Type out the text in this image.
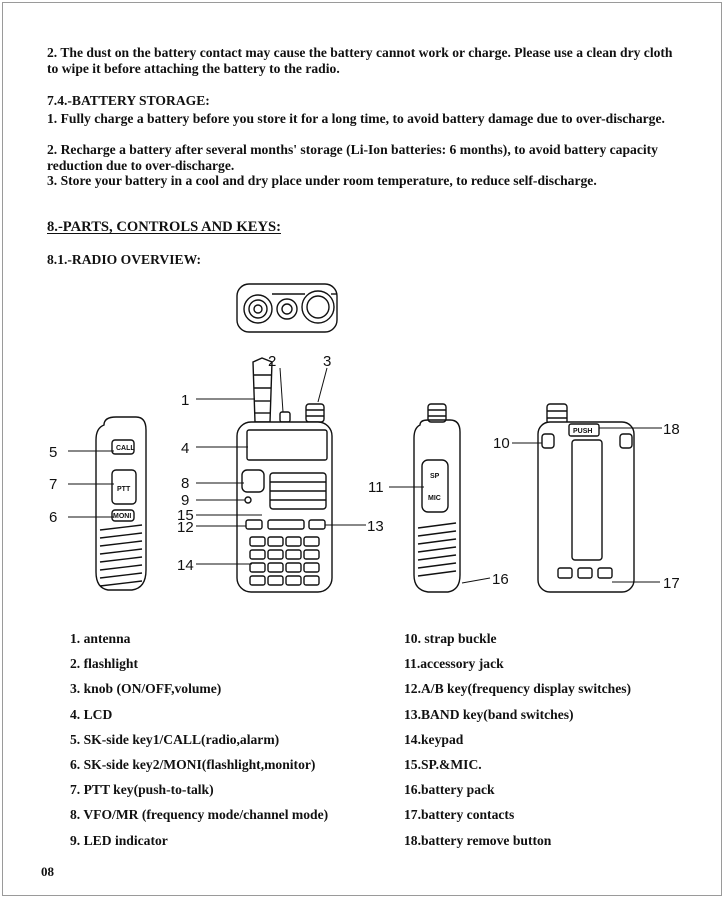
2. The dust on the battery contact may cause the battery cannot work or charge. Please use a clean dry cloth to wipe it before attaching the battery to the radio.

7.4.-BATTERY STORAGE:

1. Fully charge a battery before you store it for a long time, to avoid battery damage due to over-discharge.

2. Recharge a battery after several months' storage (Li-Ion batteries: 6 months), to avoid battery capacity reduction due to over-discharge.

3. Store your battery in a cool and dry place under room temperature, to reduce self-discharge.

8.-PARTS, CONTROLS AND KEYS:

8.1.-RADIO OVERVIEW:

CALL
PTT
MONI
SP
MIC
PUSH
1
2	3
4
5
6
7	8
9
10
11
12	13
14
15
16	17
18
1. antenna
2. flashlight
3. knob (ON/OFF,volume)
4. LCD
5. SK-side key1/CALL(radio,alarm)
6. SK-side key2/MONI(flashlight,monitor)
7. PTT key(push-to-talk)
8. VFO/MR (frequency mode/channel mode)
9. LED indicator
10. strap buckle
11.accessory jack
12.A/B key(frequency display switches)
13.BAND key(band switches)
14.keypad
15.SP.&MIC.
16.battery pack
17.battery contacts
18.battery remove button

08
